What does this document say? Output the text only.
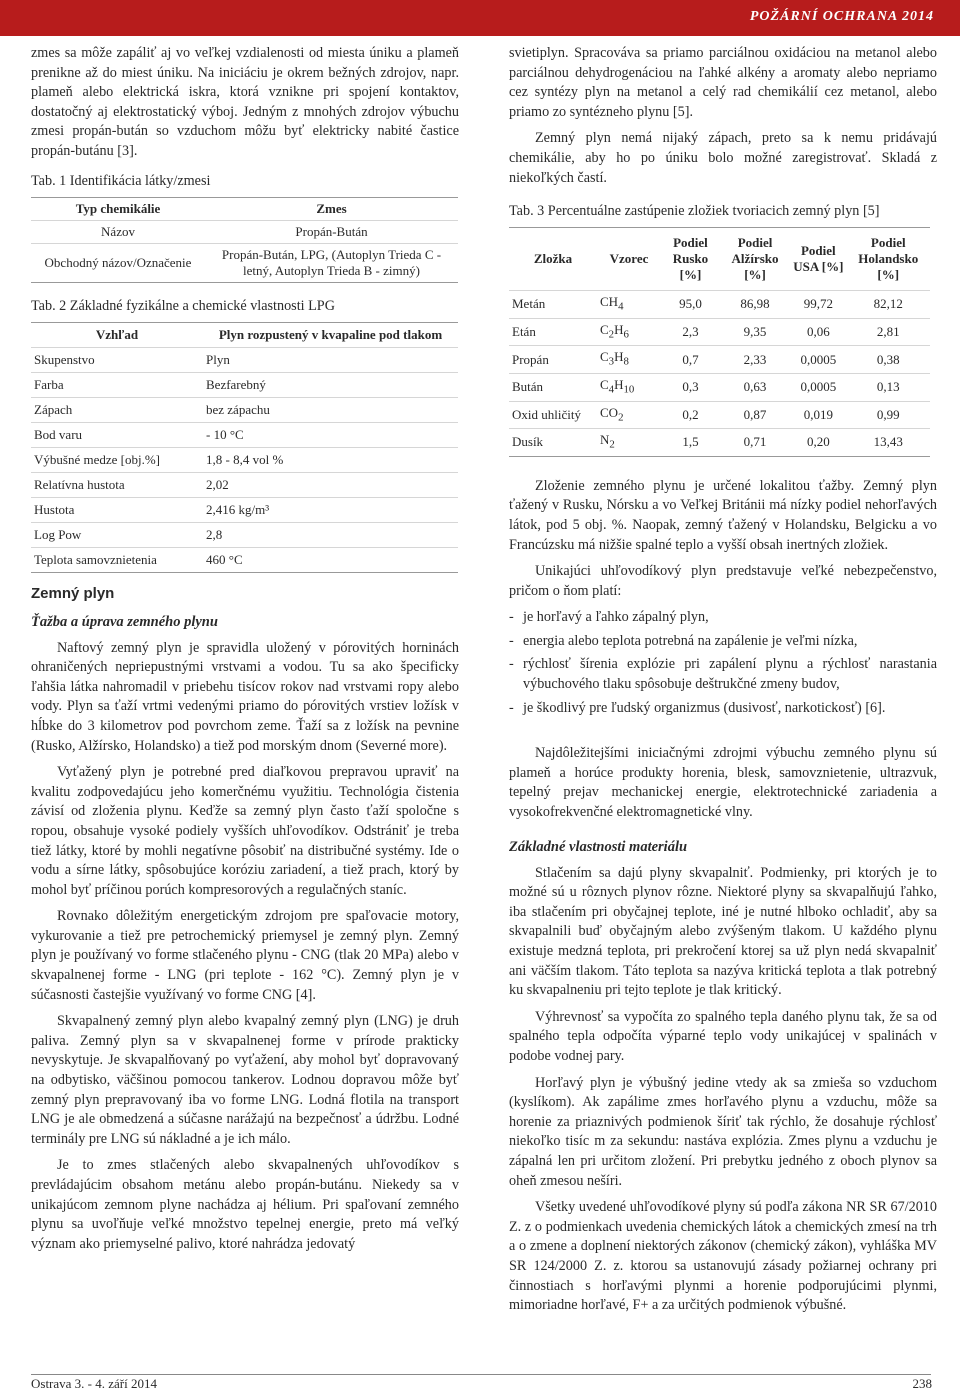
POŽÁRNÍ OCHRANA 2014

zmes sa môže zapáliť aj vo veľkej vzdialenosti od miesta úniku a plameň prenikne až do miest úniku. Na iniciáciu je okrem bežných zdrojov, napr. plameň alebo elektrická iskra, ktorá vznikne pri spojení kontaktov, dostatočný aj elektrostatický výboj. Jedným z mnohých zdrojov výbuchu zmesi propán-bután so vzduchom môžu byť elektricky nabité častice propán-butánu [3].

Tab. 1 Identifikácia látky/zmesi
Typ chemikálie	Zmes
Názov	Propán-Bután
Obchodný názov/Označenie	Propán-Bután, LPG, (Autoplyn Trieda C - letný, Autoplyn Trieda B - zimný)
Tab. 2 Základné fyzikálne a chemické vlastnosti LPG
Vzhľad	Plyn rozpustený v kvapaline pod tlakom
Skupenstvo	Plyn
Farba	Bezfarebný
Zápach	bez zápachu
Bod varu	- 10 °C
Výbušné medze [obj.%]	1,8 - 8,4 vol %
Relatívna hustota	2,02
Hustota	2,416 kg/m³
Log Pow	2,8
Teplota samovznietenia	460 °C
Zemný plyn
Ťažba a úprava zemného plynu

Naftový zemný plyn je spravidla uložený v pórovitých horninách ohraničených nepriepustnými vrstvami a vodou. Tu sa ako špecificky ľahšia látka nahromadil v priebehu tisícov rokov nad vrstvami ropy alebo vody. Plyn sa ťaží vrtmi vedenými priamo do pórovitých vrstiev ložísk v hĺbke do 3 kilometrov pod povrchom zeme. Ťaží sa z ložísk na pevnine (Rusko, Alžírsko, Holandsko) a tiež pod morským dnom (Severné more).

Vyťažený plyn je potrebné pred diaľkovou prepravou upraviť na kvalitu zodpovedajúcu jeho komerčnému využitiu. Technológia čistenia závisí od zloženia plynu. Keďže sa zemný plyn často ťaží spoločne s ropou, obsahuje vysoké podiely vyšších uhľovodíkov. Odstrániť je treba tiež látky, ktoré by mohli negatívne pôsobiť na distribučné systémy. Ide o vodu a sírne látky, spôsobujúce koróziu zariadení, a tiež prach, ktorý by mohol byť príčinou porúch kompresorových a regulačných staníc.

Rovnako dôležitým energetickým zdrojom pre spaľovacie motory, vykurovanie a tiež pre petrochemický priemysel je zemný plyn. Zemný plyn je používaný vo forme stlačeného plynu - CNG (tlak 20 MPa) alebo v skvapalnenej forme - LNG (pri teplote - 162 °C). Zemný plyn je v súčasnosti častejšie využívaný vo forme CNG [4].

Skvapalnený zemný plyn alebo kvapalný zemný plyn (LNG) je druh paliva. Zemný plyn sa v skvapalnenej forme v prírode prakticky nevyskytuje. Je skvapalňovaný po vyťažení, aby mohol byť dopravovaný na odbytisko, väčšinou pomocou tankerov. Lodnou dopravou môže byť zemný plyn prepravovaný iba vo forme LNG. Lodná flotila na transport LNG je ale obmedzená a súčasne narážajú na bezpečnosť a údržbu. Lodné terminály pre LNG sú nákladné a je ich málo.

Je to zmes stlačených alebo skvapalnených uhľovodíkov s prevládajúcim obsahom metánu alebo propán-butánu. Niekedy sa v unikajúcom zemnom plyne nachádza aj hélium. Pri spaľovaní zemného plynu sa uvoľňuje veľké množstvo tepelnej energie, preto má veľký význam ako priemyselné palivo, ktoré nahrádza jedovatý

svietiplyn. Spracováva sa priamo parciálnou oxidáciou na metanol alebo parciálnou dehydrogenáciou na ľahké alkény a aromaty alebo nepriamo cez syntézy plyn na metanol a celý rad chemikálií cez metanol, alebo priamo zo syntézneho plynu [5].

Zemný plyn nemá nijaký zápach, preto sa k nemu pridávajú chemikálie, aby ho po úniku bolo možné zaregistrovať. Skladá z niekoľkých častí.

Tab. 3 Percentuálne zastúpenie zložiek tvoriacich zemný plyn [5]
Zložka	Vzorec	Podiel Rusko [%]	Podiel Alžírsko [%]	Podiel USA [%]	Podiel Holandsko [%]
Metán	$CH_4$	95,0	86,98	99,72	82,12
Etán	$C_2H_6$	2,3	9,35	0,06	2,81
Propán	$C_3H_8$	0,7	2,33	0,0005	0,38
Bután	$C_4H_{10}$	0,3	0,63	0,0005	0,13
Oxid uhličitý	$CO_2$	0,2	0,87	0,019	0,99
Dusík	$N_2$	1,5	0,71	0,20	13,43

Zloženie zemného plynu je určené lokalitou ťažby. Zemný plyn ťažený v Rusku, Nórsku a vo Veľkej Británii má nízky podiel nehorľavých látok, pod 5 obj. %. Naopak, zemný ťažený v Holandsku, Belgicku a vo Francúzsku má nižšie spalné teplo a vyšší obsah inertných zložiek.

Unikajúci uhľovodíkový plyn predstavuje veľké nebezpečenstvo, pričom o ňom platí:

- je horľavý a ľahko zápalný plyn,
- energia alebo teplota potrebná na zapálenie je veľmi nízka,
- rýchlosť šírenia explózie pri zapálení plynu a rýchlosť narastania výbuchového tlaku spôsobuje deštrukčné zmeny budov,
- je škodlivý pre ľudský organizmus (dusivosť, narkotickosť) [6].

Najdôležitejšími iniciačnými zdrojmi výbuchu zemného plynu sú plameň a horúce produkty horenia, blesk, samovznietenie, ultrazvuk, tepelný prejav mechanickej energie, elektrotechnické zariadenia a vysokofrekvenčné elektromagnetické vlny.

Základné vlastnosti materiálu

Stlačením sa dajú plyny skvapalniť. Podmienky, pri ktorých je to možné sú u rôznych plynov rôzne. Niektoré plyny sa skvapalňujú ľahko, iba stlačením pri obyčajnej teplote, iné je nutné hlboko ochladiť, aby sa skvapalnili buď obyčajným alebo zvýšeným tlakom. U každého plynu existuje medzná teplota, pri prekročení ktorej sa už plyn nedá skvapalniť ani väčším tlakom. Táto teplota sa nazýva kritická teplota a tlak potrebný ku skvapalneniu pri tejto teplote je tlak kritický.

Výhrevnosť sa vypočíta zo spalného tepla daného plynu tak, že sa od spalného tepla odpočíta výparné teplo vody unikajúcej v spalinách v podobe vodnej pary.

Horľavý plyn je výbušný jedine vtedy ak sa zmieša so vzduchom (kyslíkom). Ak zapálime zmes horľavého plynu a vzduchu, môže sa horenie za priaznivých podmienok šíriť tak rýchlo, že dosahuje rýchlosť niekoľko tisíc m za sekundu: nastáva explózia. Zmes plynu a vzduchu je zápalná len pri určitom zložení. Pri prebytku jedného z oboch plynov sa oheň zmesou nešíri.

Všetky uvedené uhľovodíkové plyny sú podľa zákona NR SR 67/2010 Z. z o podmienkach uvedenia chemických látok a chemických zmesí na trh a o zmene a doplnení niektorých zákonov (chemický zákon), vyhláška MV SR 124/2000 Z. z. ktorou sa ustanovujú zásady požiarnej ochrany pri činnostiach s horľavými plynmi a horenie podporujúcimi plynmi, mimoriadne horľavé, F+ a za určitých podmienok výbušné.

Ostrava 3. - 4. září 2014	238
